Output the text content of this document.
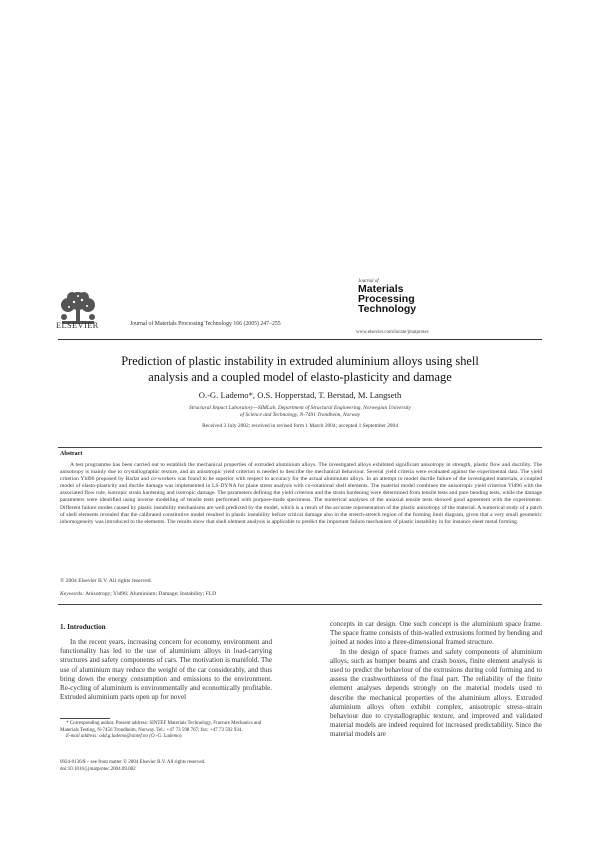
ELSEVIER	Journal of Materials Processing Technology 166 (2005) 247–255
Journal of
Materials
Processing
Technology
www.elsevier.com/locate/jmatprotec
Prediction of plastic instability in extruded aluminium alloys using shell
analysis and a coupled model of elasto-plasticity and damage
O.-G. Lademo*, O.S. Hopperstad, T. Berstad, M. Langseth
Structural Impact Laboratory—SIMLab, Department of Structural Engineering, Norwegian University
of Science and Technology, N-7491 Trondheim, Norway
Received 3 July 2002; received in revised form 1 March 2004; accepted 1 September 2004
Abstract

A test programme has been carried out to establish the mechanical properties of extruded aluminium alloys. The investigated alloys exhibited significant anisotropy in strength, plastic flow and ductility. The anisotropy is mainly due to crystallographic texture, and an anisotropic yield criterion is needed to describe the mechanical behaviour. Several yield criteria were evaluated against the experimental data. The yield criterion Yld96 proposed by Barlat and co-workers was found to be superior with respect to accuracy for the actual aluminium alloys. In an attempt to model ductile failure of the investigated materials, a coupled model of elasto-plasticity and ductile damage was implemented in LS-DYNA for plane stress analysis with co-rotational shell elements. The material model combines the anisotropic yield criterion Yld96 with the associated flow rule, isotropic strain hardening and isotropic damage. The parameters defining the yield criterion and the strain hardening were determined from tensile tests and pure bending tests, while the damage parameters were identified using inverse modelling of tensile tests performed with purpose-made specimens. The numerical analyses of the uniaxial tensile tests showed good agreement with the experiments. Different failure modes caused by plastic instability mechanisms are well predicted by the model, which is a result of the accurate representation of the plastic anisotropy of the material. A numerical study of a patch of shell elements revealed that the calibrated constitutive model resulted in plastic instability before critical damage also in the stretch-stretch region of the forming limit diagram, given that a very small geometric inhomogeneity was introduced to the elements. The results show that shell element analysis is applicable to predict the important failure mechanism of plastic instability in for instance sheet metal forming.

© 2004 Elsevier B.V. All rights reserved.
Keywords: Anisotropy; Yld96; Aluminium; Damage; Instability; FLD
1. Introduction

In the recent years, increasing concern for economy, environment and functionality has led to the use of aluminium alloys in load-carrying structures and safety components of cars. The motivation is manifold. The use of aluminium may reduce the weight of the car considerably, and thus bring down the energy consumption and emissions to the environment. Re-cycling of aluminium is environmentally and economically profitable. Extruded aluminium parts open up for novel

concepts in car design. One such concept is the aluminium space frame. The space frame consists of thin-walled extrusions formed by bending and joined at nodes into a three-dimensional framed structure.

In the design of space frames and safety components of aluminium alloys, such as bumper beams and crash boxes, finite element analysis is used to predict the behaviour of the extrusions during cold forming and to assess the crashworthiness of the final part. The reliability of the finite element analyses depends strongly on the material models used to describe the mechanical properties of the aluminium alloys. Extruded aluminium alloys often exhibit complex, anisotropic stress–strain behaviour due to crystallographic texture, and improved and validated material models are indeed required for increased predictability. Since the material models are

* Corresponding author. Present address: SINTEF Materials Technology, Fracture Mechanics and Materials Testing, N-7456 Trondheim, Norway. Tel.: +47 73 598 767; fax: +47 73 592 934.

E-mail address: odd.g.lademo@sintef.no (O.-G. Lademo).

0924-0136/$ – see front matter © 2004 Elsevier B.V. All rights reserved.
doi:10.1016/j.jmatprotec.2004.09.082
